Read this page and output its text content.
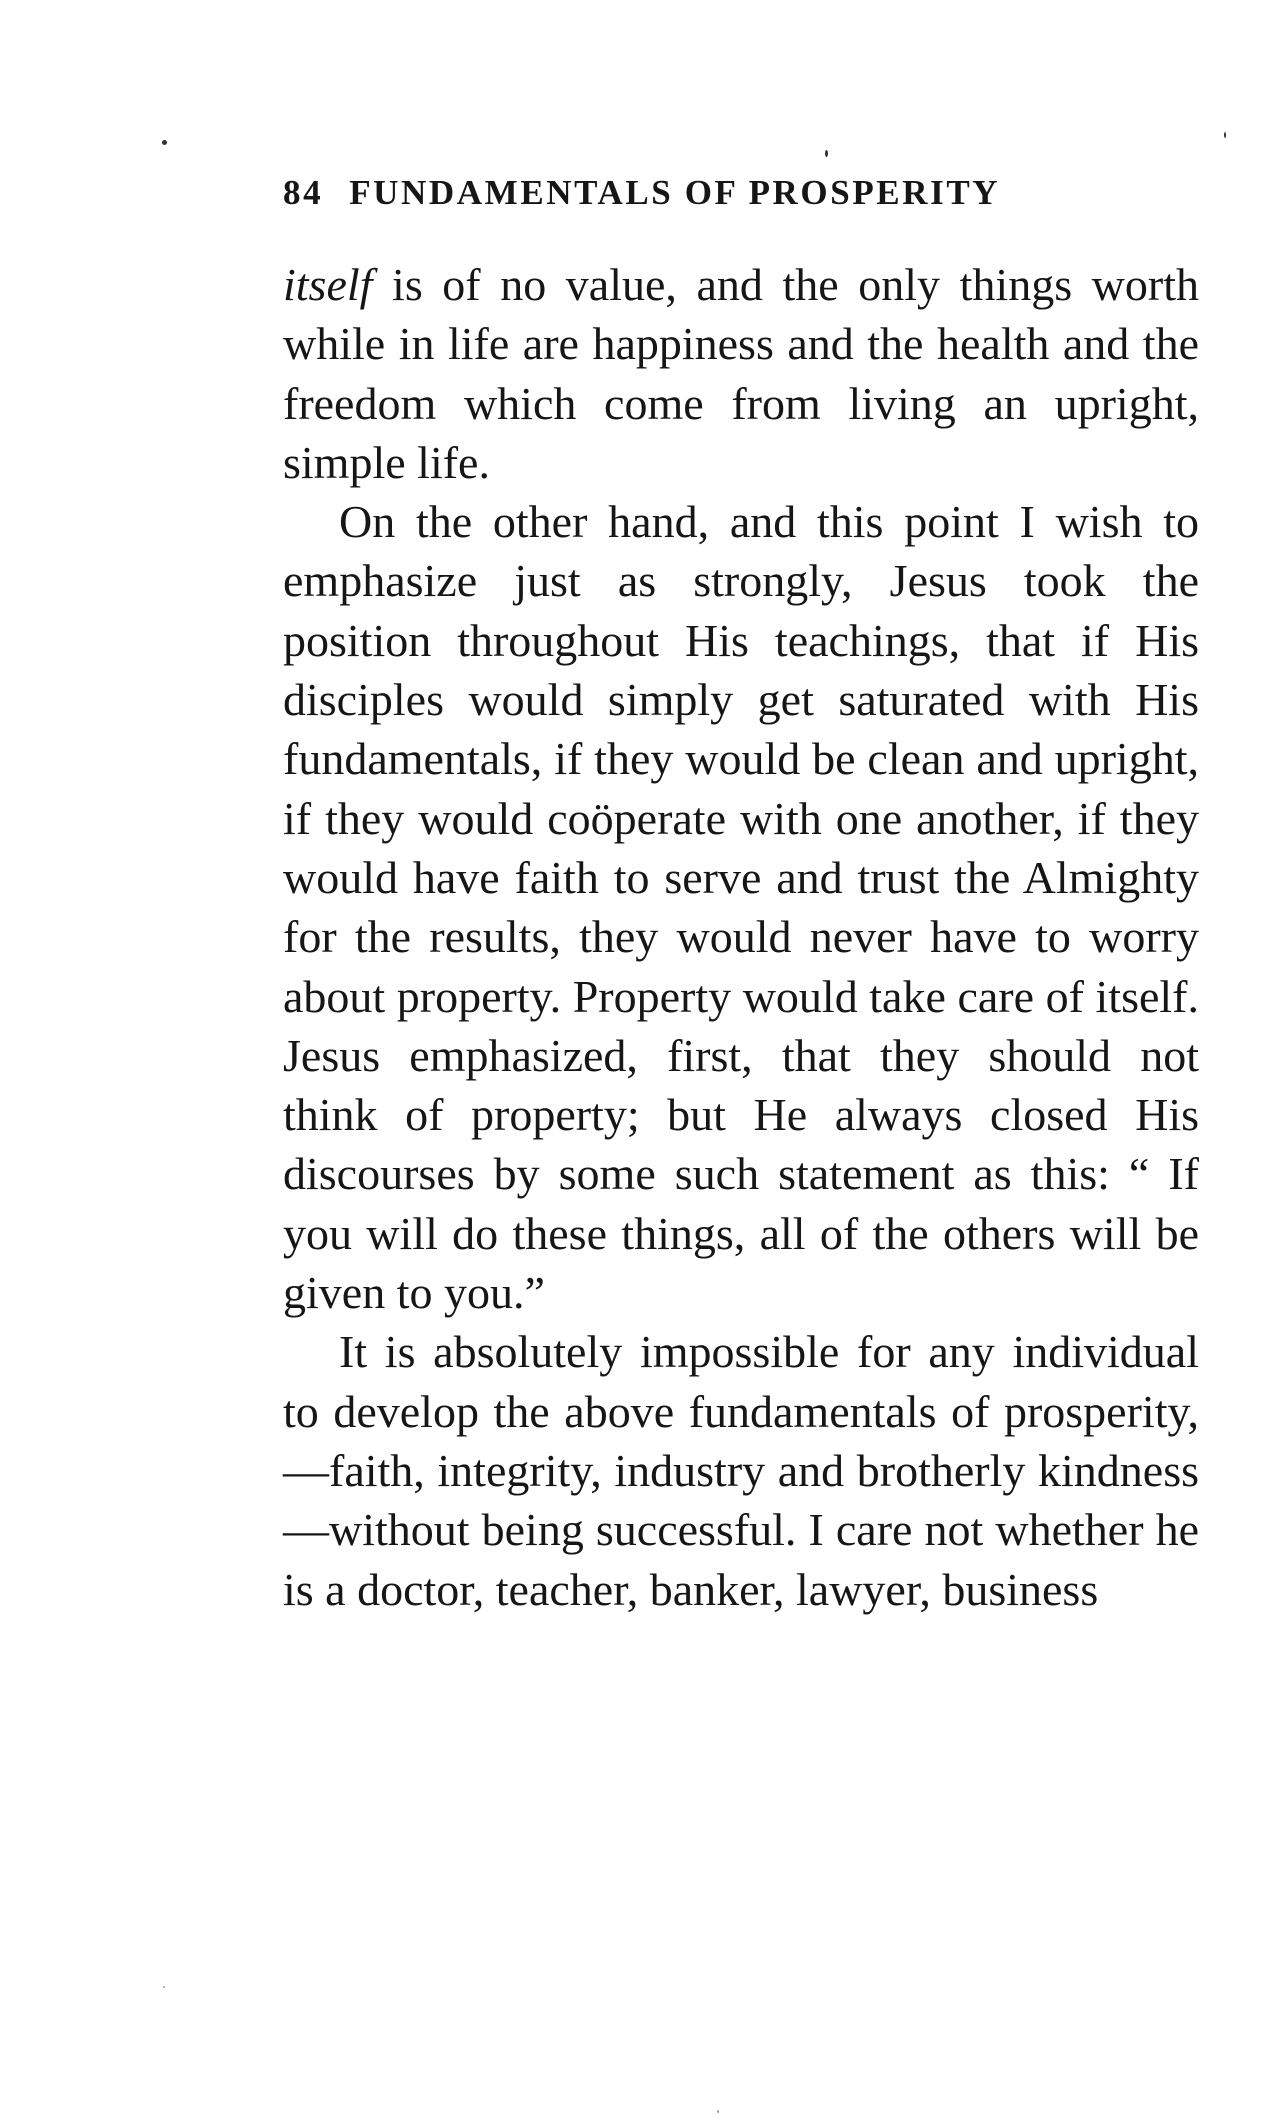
84 FUNDAMENTALS OF PROSPERITY

itself is of no value, and the only things worth while in life are happiness and the health and the freedom which come from living an upright, simple life.

On the other hand, and this point I wish to emphasize just as strongly, Jesus took the position throughout His teachings, that if His disciples would simply get saturated with His fundamentals, if they would be clean and upright, if they would coöperate with one another, if they would have faith to serve and trust the Almighty for the results, they would never have to worry about property. Property would take care of itself. Jesus emphasized, first, that they should not think of property; but He always closed His discourses by some such statement as this: “ If you will do these things, all of the others will be given to you.”

It is absolutely impossible for any individual to develop the above fundamentals of prosperity,—faith, integrity, industry and brotherly kindness—without being successful. I care not whether he is a doctor, teacher, banker, lawyer, business
